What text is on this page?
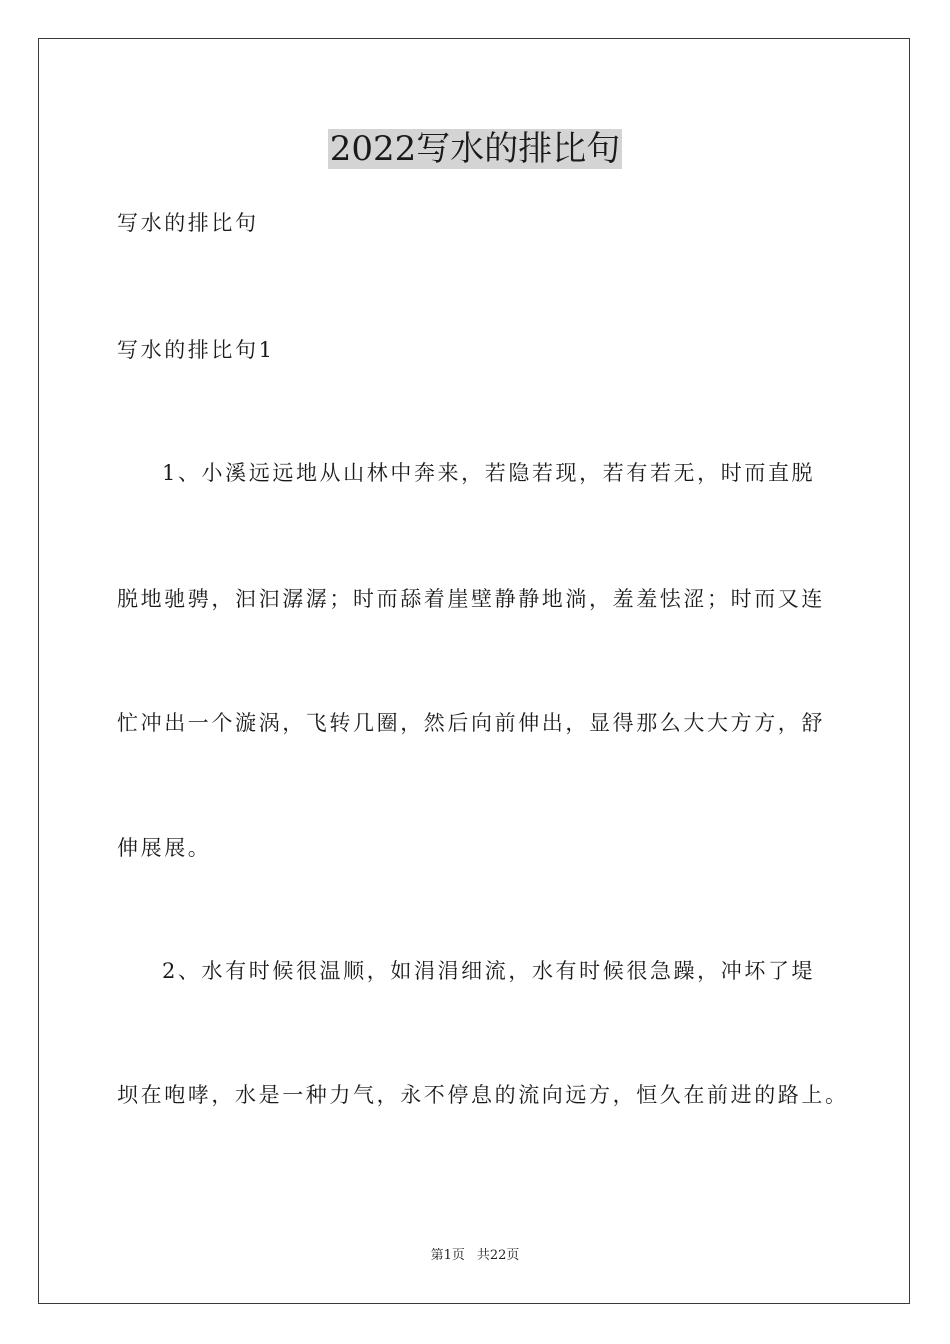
2022写水的排比句

写水的排比句

写水的排比句1

1、小溪远远地从山林中奔来，若隐若现，若有若无，时而直脱

脱地驰骋，汩汩潺潺；时而舔着崖壁静静地淌，羞羞怯涩；时而又连

忙冲出一个漩涡，飞转几圈，然后向前伸出，显得那么大大方方，舒

伸展展。

2、水有时候很温顺，如涓涓细流，水有时候很急躁，冲坏了堤

坝在咆哮，水是一种力气，永不停息的流向远方，恒久在前进的路上。

第1页 共22页
